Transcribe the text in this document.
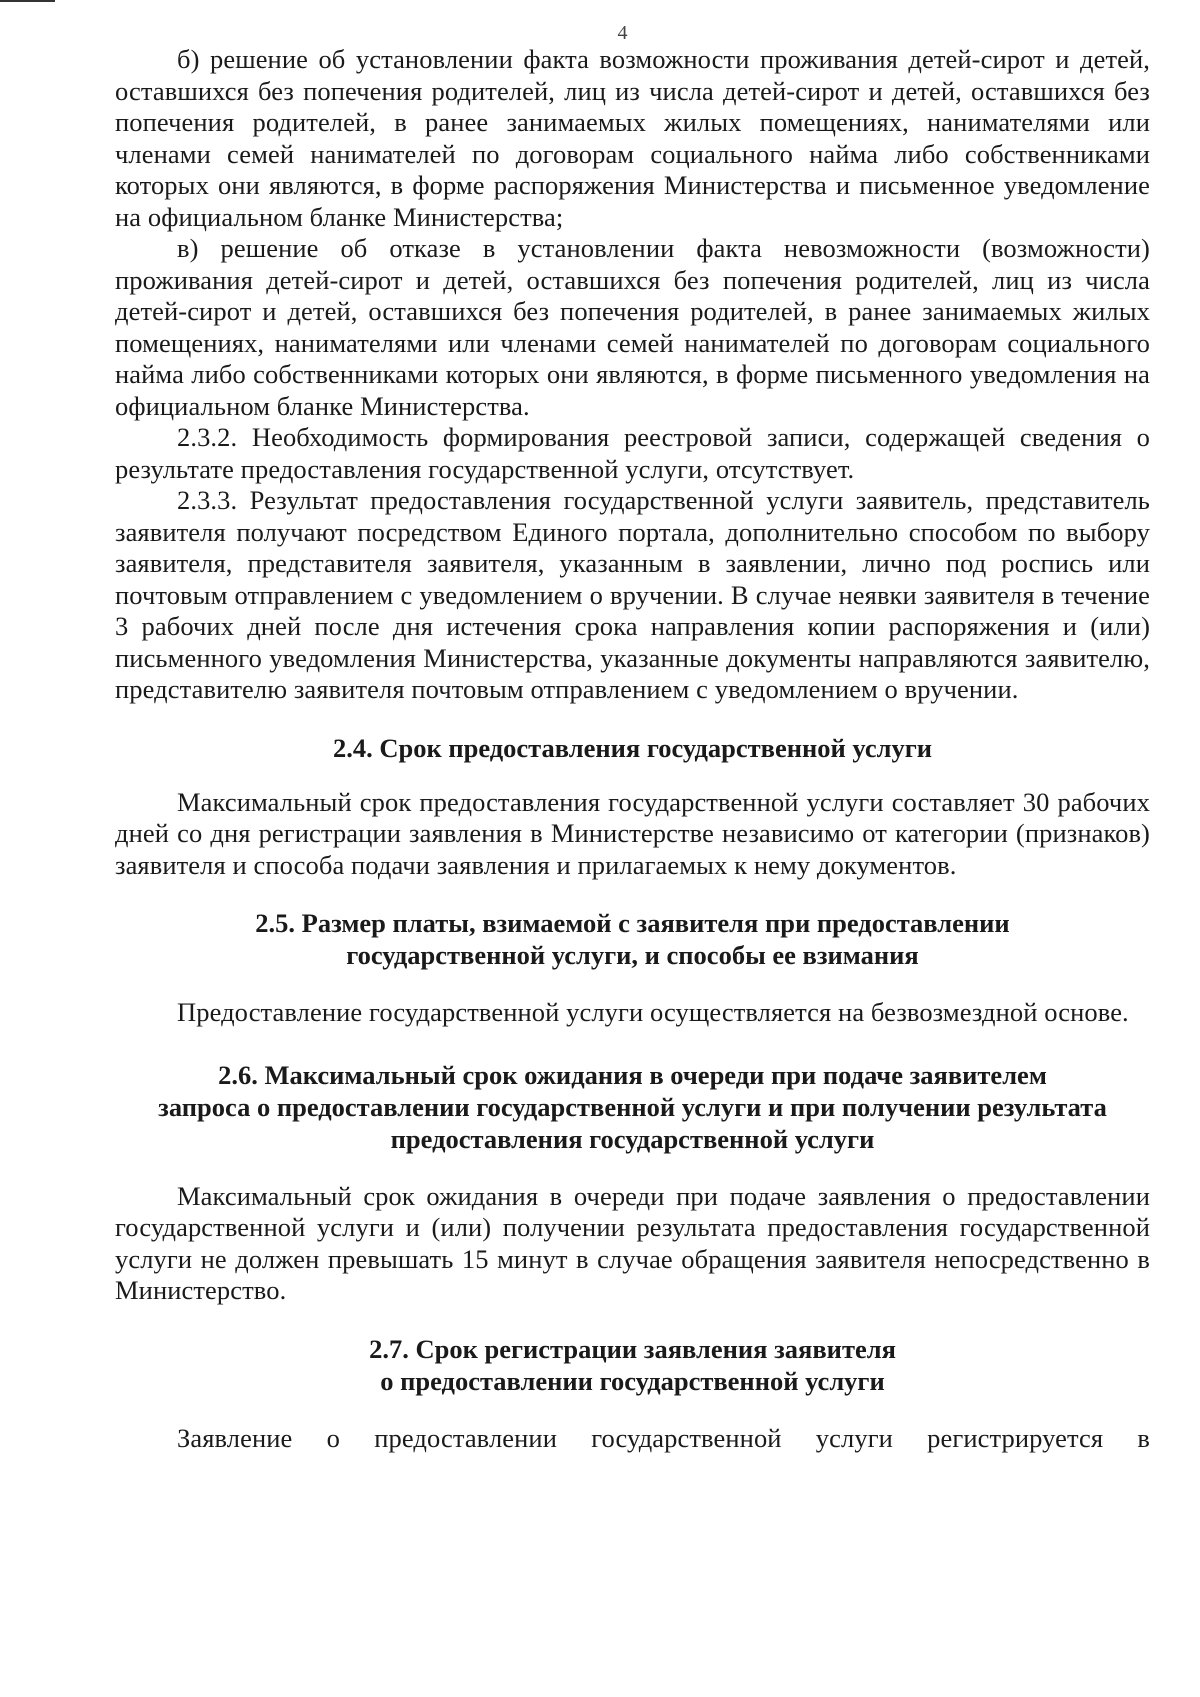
4

б) решение об установлении факта возможности проживания детей-сирот и детей, оставшихся без попечения родителей, лиц из числа детей-сирот и детей, оставшихся без попечения родителей, в ранее занимаемых жилых помещениях, нанимателями или членами семей нанимателей по договорам социального найма либо собственниками которых они являются, в форме распоряжения Министерства и письменное уведомление на официальном бланке Министерства;

в) решение об отказе в установлении факта невозможности (возможности) проживания детей-сирот и детей, оставшихся без попечения родителей, лиц из числа детей-сирот и детей, оставшихся без попечения родителей, в ранее занимаемых жилых помещениях, нанимателями или членами семей нанимателей по договорам социального найма либо собственниками которых они являются, в форме письменного уведомления на официальном бланке Министерства.

2.3.2. Необходимость формирования реестровой записи, содержащей сведения о результате предоставления государственной услуги, отсутствует.

2.3.3. Результат предоставления государственной услуги заявитель, представитель заявителя получают посредством Единого портала, дополнительно способом по выбору заявителя, представителя заявителя, указанным в заявлении, лично под роспись или почтовым отправлением с уведомлением о вручении. В случае неявки заявителя в течение 3 рабочих дней после дня истечения срока направления копии распоряжения и (или) письменного уведомления Министерства, указанные документы направляются заявителю, представителю заявителя почтовым отправлением с уведомлением о вручении.

2.4. Срок предоставления государственной услуги

Максимальный срок предоставления государственной услуги составляет 30 рабочих дней со дня регистрации заявления в Министерстве независимо от категории (признаков) заявителя и способа подачи заявления и прилагаемых к нему документов.

2.5. Размер платы, взимаемой с заявителя при предоставлении
государственной услуги, и способы ее взимания

Предоставление государственной услуги осуществляется на безвозмездной основе.

2.6. Максимальный срок ожидания в очереди при подаче заявителем
запроса о предоставлении государственной услуги и при получении результата
предоставления государственной услуги

Максимальный срок ожидания в очереди при подаче заявления о предоставлении государственной услуги и (или) получении результата предоставления государственной услуги не должен превышать 15 минут в случае обращения заявителя непосредственно в Министерство.

2.7. Срок регистрации заявления заявителя
о предоставлении государственной услуги

Заявление о предоставлении государственной услуги регистрируется в
